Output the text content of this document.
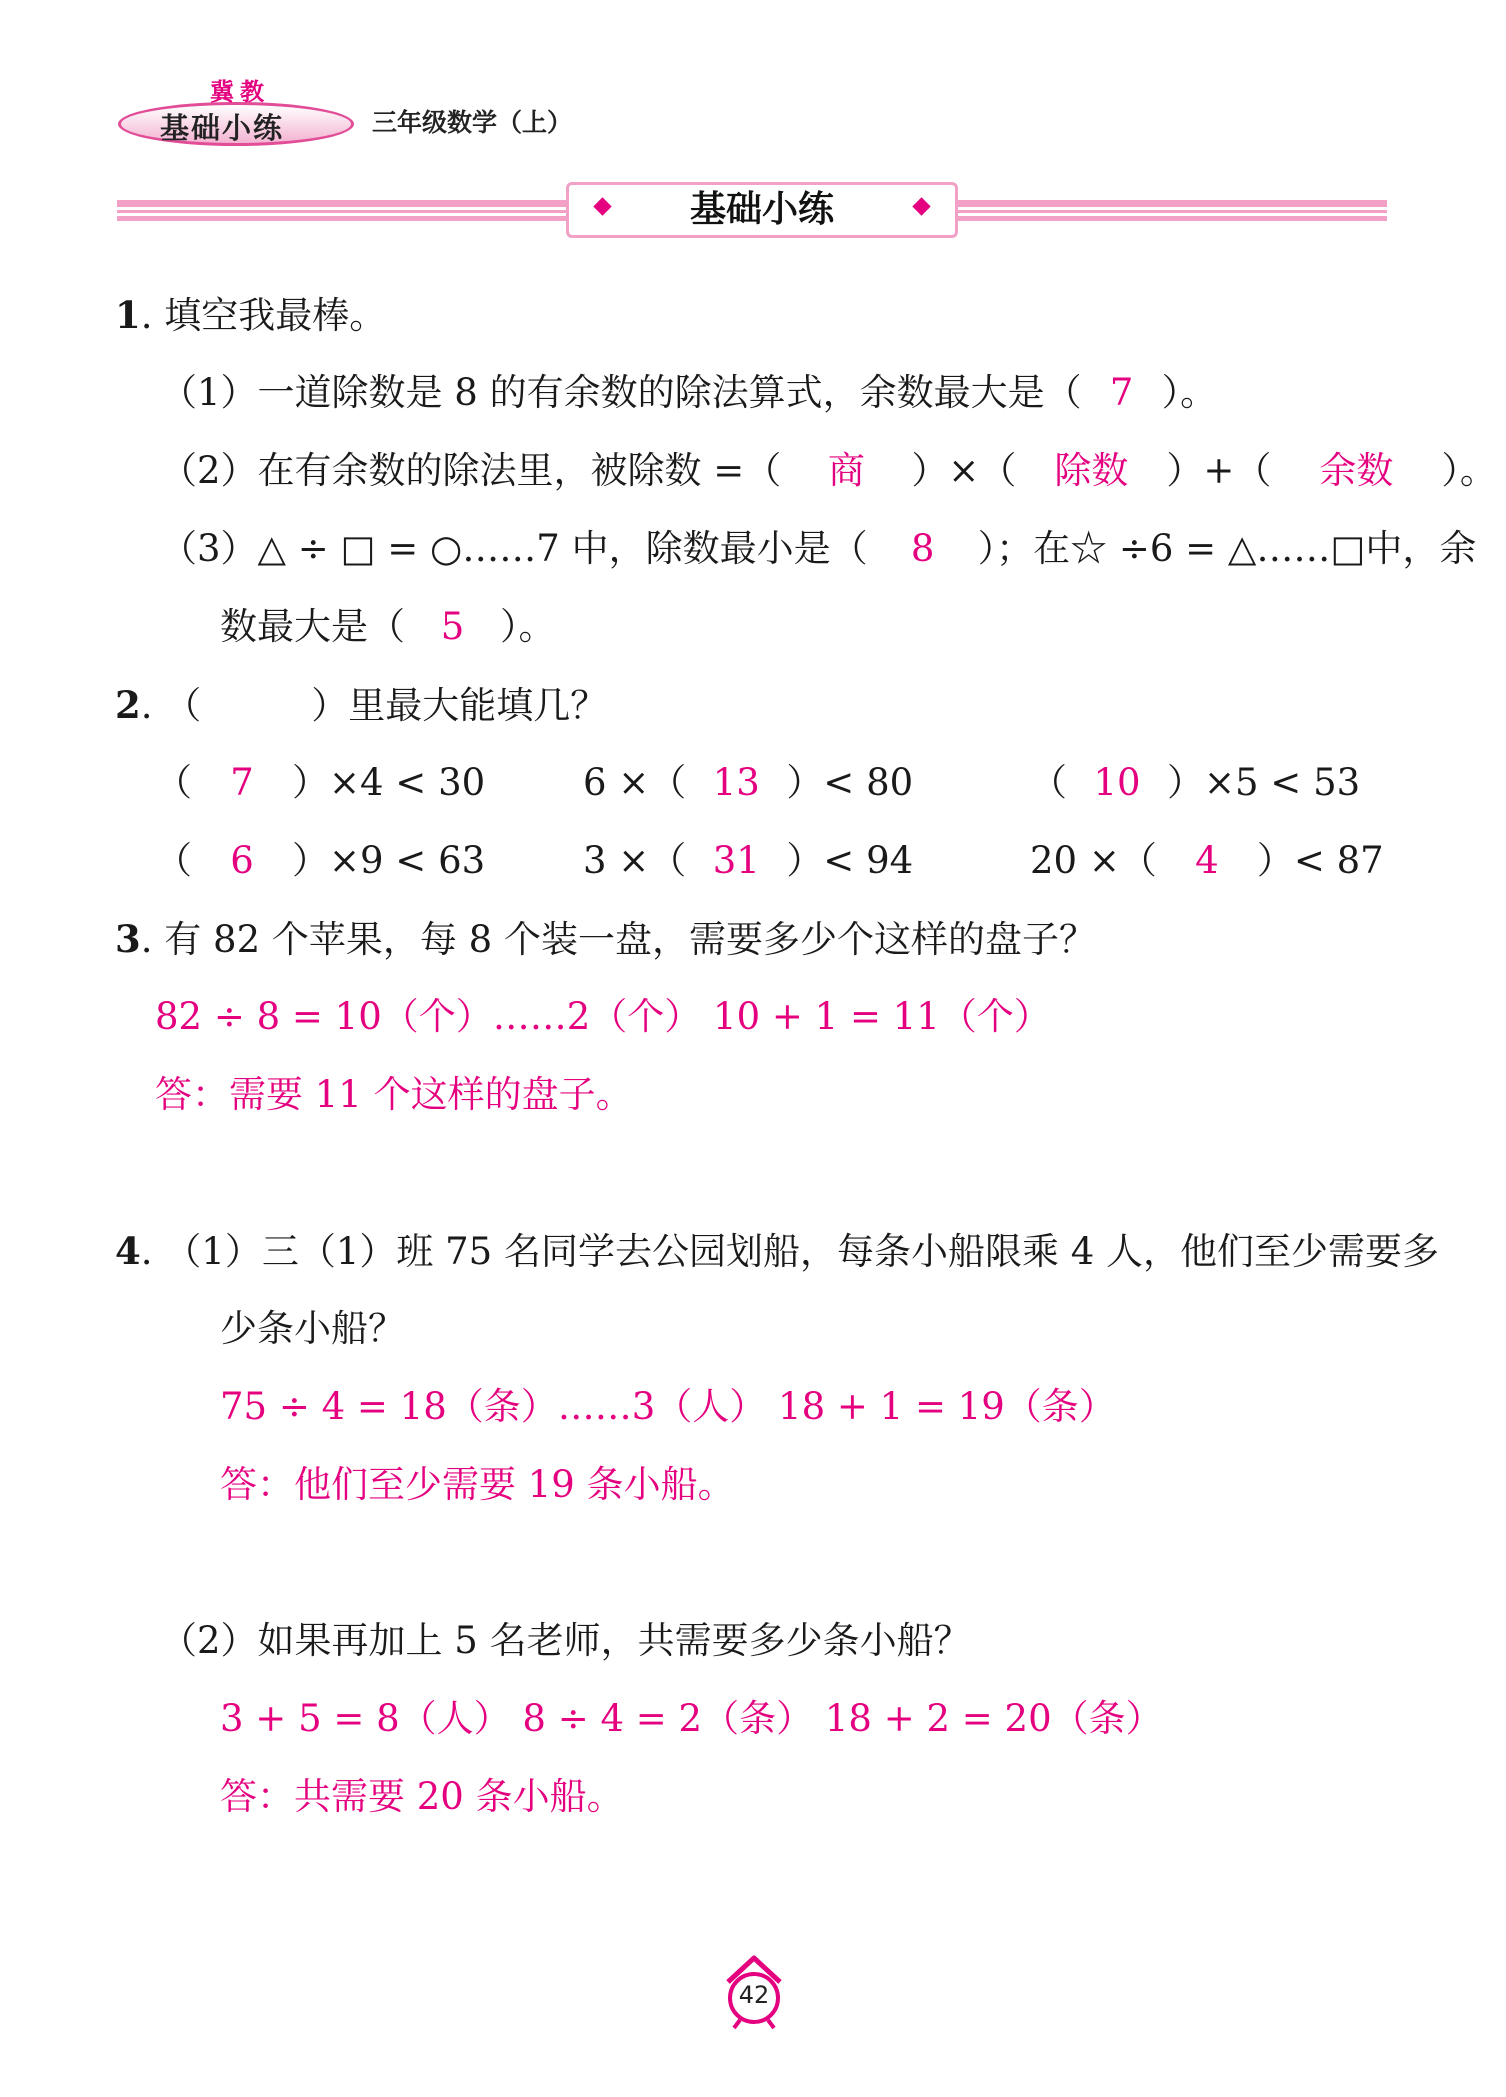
冀教
基础小练	三年级数学（上）
基础小练
1. 填空我最棒。
（1）一道除数是 8 的有余数的除法算式，余数最大是（ 7 ）。
（2）在有余数的除法里，被除数 =（ 商 ）×（ 除数 ）+（ 余数 ）。
（3）△ ÷ □ = ○……7 中，除数最小是（ 8 ）；在☆ ÷6 = △……□中，余
数最大是（ 5 ）。
2. （	）里最大能填几？
（ 7 ）×4 < 30	6 ×（ 13 ）< 80	（ 10 ）×5 < 53
（ 6 ）×9 < 63	3 ×（ 31 ）< 94	20 ×（ 4 ）< 87
3. 有 82 个苹果，每 8 个装一盘，需要多少个这样的盘子？
82 ÷ 8 = 10（个）……2（个） 10 + 1 = 11（个）
答：需要 11 个这样的盘子。
4. （1）三（1）班 75 名同学去公园划船，每条小船限乘 4 人，他们至少需要多
少条小船？
75 ÷ 4 = 18（条）……3（人） 18 + 1 = 19（条）
答：他们至少需要 19 条小船。
（2）如果再加上 5 名老师，共需要多少条小船？
3 + 5 = 8（人） 8 ÷ 4 = 2（条） 18 + 2 = 20（条）
答：共需要 20 条小船。
42
